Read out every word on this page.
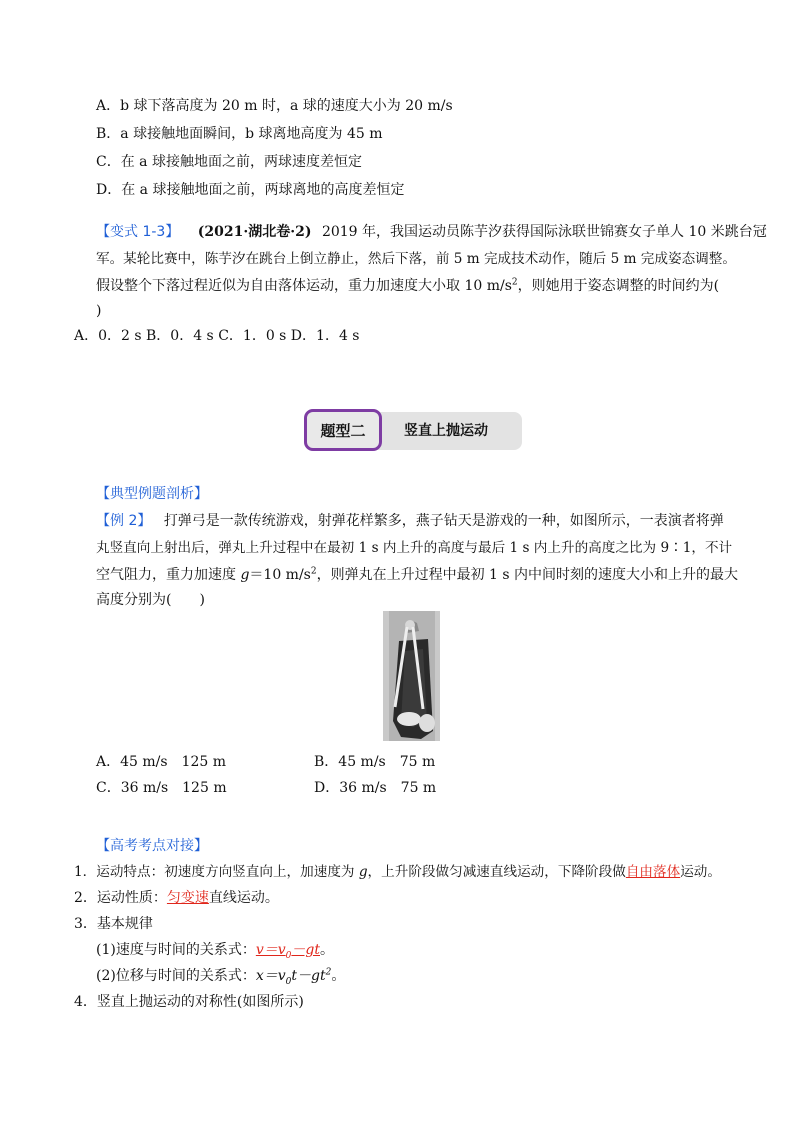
A．b 球下落高度为 20 m 时，a 球的速度大小为 20 m/s
B．a 球接触地面瞬间，b 球离地高度为 45 m
C．在 a 球接触地面之前，两球速度差恒定
D．在 a 球接触地面之前，两球离地的高度差恒定
【变式 1-3】 (2021·湖北卷·2) 2019 年，我国运动员陈芋汐获得国际泳联世锦赛女子单人 10 米跳台冠
军。某轮比赛中，陈芋汐在跳台上倒立静止，然后下落，前 5 m 完成技术动作，随后 5 m 完成姿态调整。
假设整个下落过程近似为自由落体运动，重力加速度大小取 10 $m/s^2$，则她用于姿态调整的时间约为(
)
A．0．2 s B．0．4 s C．1．0 s D．1．4 s
题型二	竖直上抛运动
【典型例题剖析】
【例 2】 打弹弓是一款传统游戏，射弹花样繁多，燕子钻天是游戏的一种，如图所示，一表演者将弹
丸竖直向上射出后，弹丸上升过程中在最初 1 s 内上升的高度与最后 1 s 内上升的高度之比为 9∶1，不计
空气阻力，重力加速度 g＝10 $m/s^2$，则弹丸在上升过程中最初 1 s 内中间时刻的速度大小和上升的最大
高度分别为(　　)
A．45 m/s　125 m	B．45 m/s　75 m
C．36 m/s　125 m	D．36 m/s　75 m
【高考考点对接】
1．运动特点：初速度方向竖直向上，加速度为 g，上升阶段做匀减速直线运动，下降阶段做自由落体运动。
2．运动性质：匀变速直线运动。
3．基本规律
(1)速度与时间的关系式：$v=v_0-gt$。
(2)位移与时间的关系式：$x=v_0t-gt^2$。
4．竖直上抛运动的对称性(如图所示)
